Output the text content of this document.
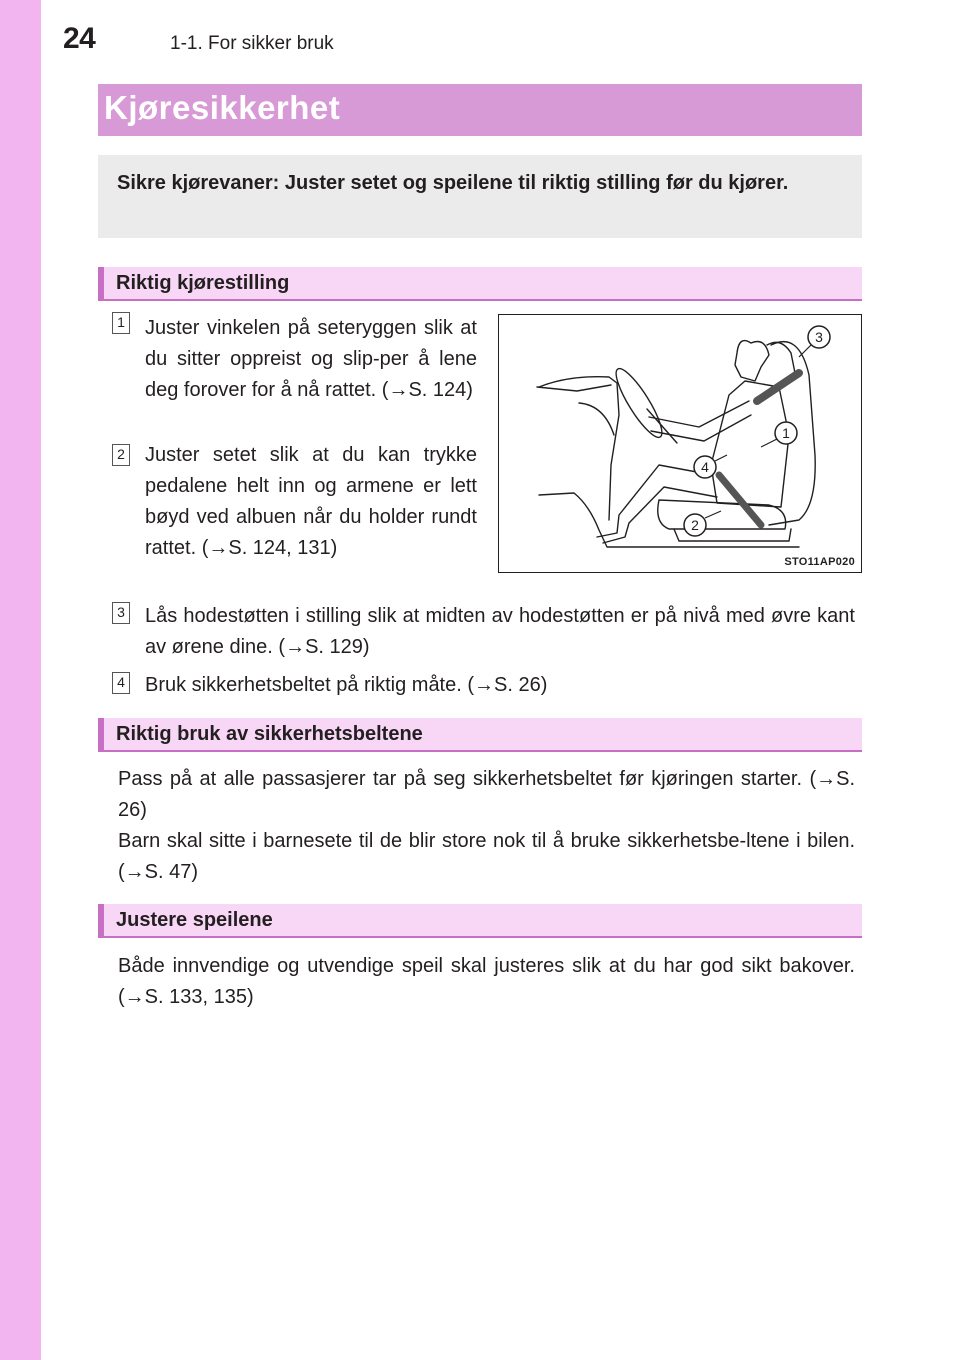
24	1-1. For sikker bruk
Kjøresikkerhet
Sikre kjørevaner: Juster setet og speilene til riktig stilling før du kjører.
Riktig kjørestilling
1 Juster vinkelen på seteryggen slik at du sitter oppreist og slip-per å lene deg forover for å nå rattet. (→S. 124)
2 Juster setet slik at du kan trykke pedalene helt inn og armene er lett bøyd ved albuen når du holder rundt rattet. (→S. 124, 131)
3
1
4
2
STO11AP020
3 Lås hodestøtten i stilling slik at midten av hodestøtten er på nivå med øvre kant av ørene dine. (→S. 129)
4 Bruk sikkerhetsbeltet på riktig måte. (→S. 26)
Riktig bruk av sikkerhetsbeltene
Pass på at alle passasjerer tar på seg sikkerhetsbeltet før kjøringen starter. (→S. 26)
Barn skal sitte i barnesete til de blir store nok til å bruke sikkerhetsbe-ltene i bilen. (→S. 47)
Justere speilene
Både innvendige og utvendige speil skal justeres slik at du har god sikt bakover. (→S. 133, 135)
